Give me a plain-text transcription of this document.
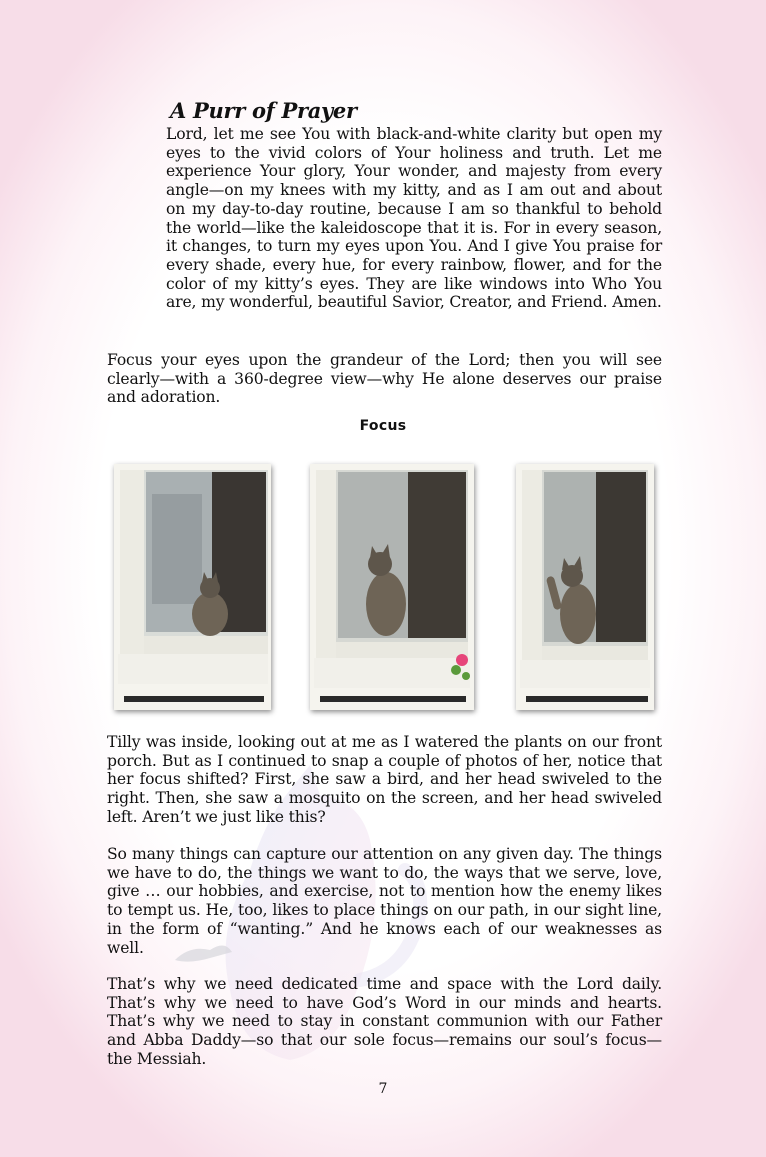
A Purr of Prayer

Lord, let me see You with black-and-white clarity but open my eyes to the vivid colors of Your holiness and truth. Let me experience Your glory, Your wonder, and majesty from every angle—on my knees with my kitty, and as I am out and about on my day-to-day routine, because I am so thankful to behold the world—like the kaleidoscope that it is. For in every season, it changes, to turn my eyes upon You. And I give You praise for every shade, every hue, for every rainbow, flower, and for the color of my kitty’s eyes. They are like windows into Who You are, my wonderful, beautiful Savior, Creator, and Friend. Amen.

Focus your eyes upon the grandeur of the Lord; then you will see clearly—with a 360-degree view—why He alone deserves our praise and adoration.

Focus

Tilly was inside, looking out at me as I watered the plants on our front porch. But as I continued to snap a couple of photos of her, notice that her focus shifted? First, she saw a bird, and her head swiveled to the right. Then, she saw a mosquito on the screen, and her head swiveled left. Aren’t we just like this?

So many things can capture our attention on any given day. The things we have to do, the things we want to do, the ways that we serve, love, give … our hobbies, and exercise, not to mention how the enemy likes to tempt us. He, too, likes to place things on our path, in our sight line, in the form of “wanting.” And he knows each of our weaknesses as well.

That’s why we need dedicated time and space with the Lord daily. That’s why we need to have God’s Word in our minds and hearts. That’s why we need to stay in constant communion with our Father and Abba Daddy—so that our sole focus—remains our soul’s focus—the Messiah.

7
